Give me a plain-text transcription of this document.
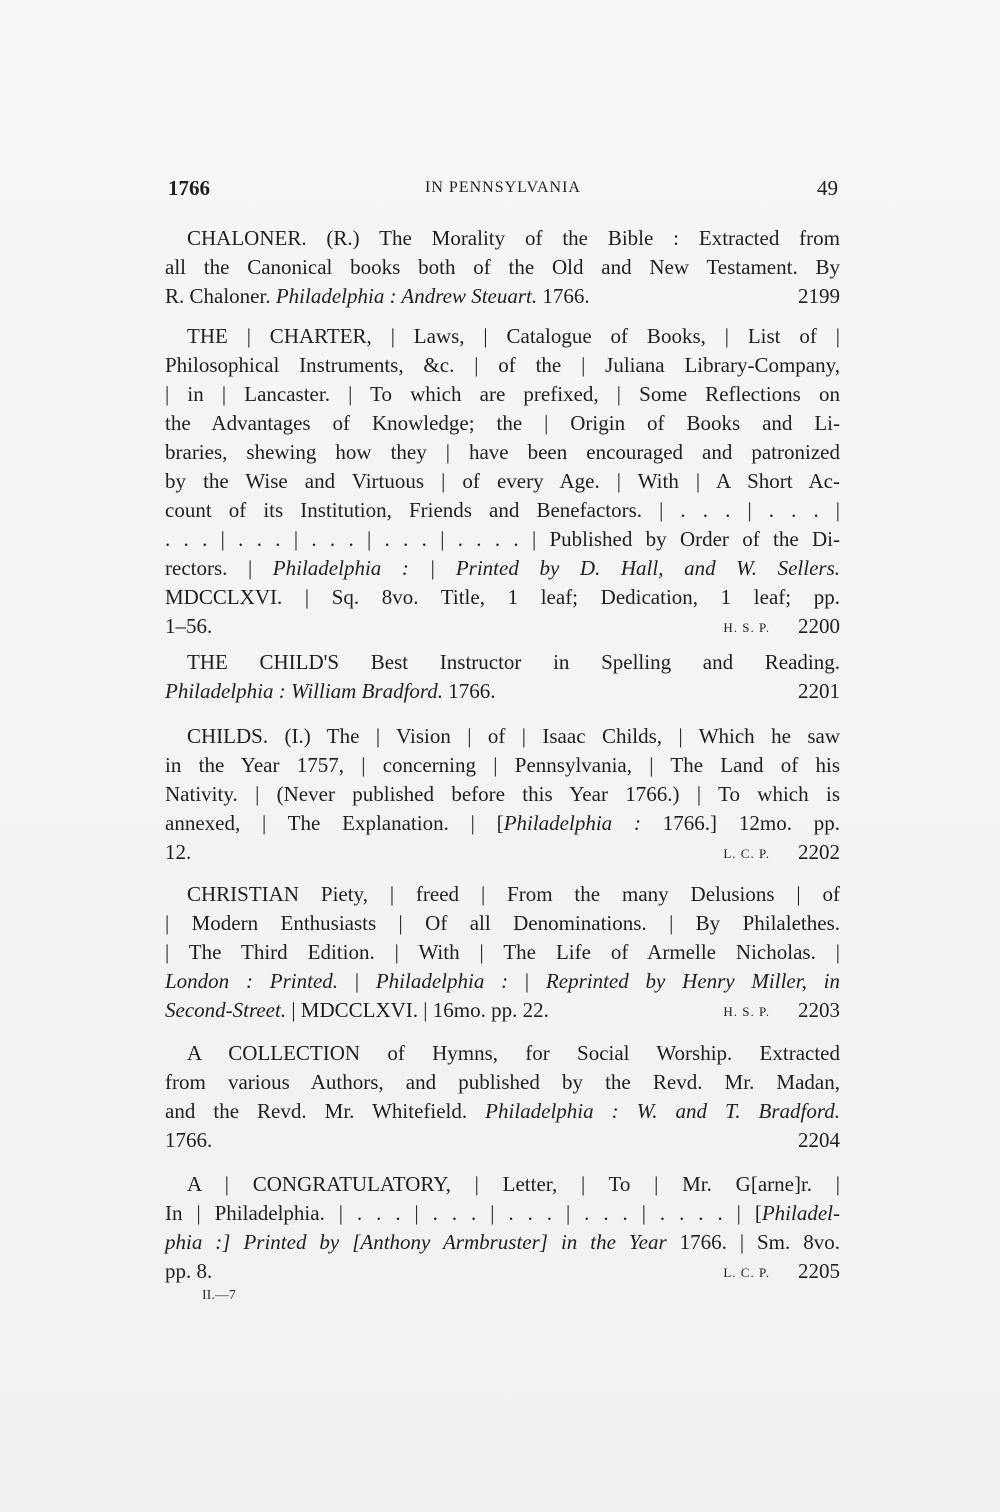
1766	IN PENNSYLVANIA	49
CHALONER. (R.) The Morality of the Bible : Extracted from
all the Canonical books both of the Old and New Testament. By
R. Chaloner. Philadelphia : Andrew Steuart. 1766.	2199
THE | CHARTER, | Laws, | Catalogue of Books, | List of |
Philosophical Instruments, &c. | of the | Juliana Library-Company,
| in | Lancaster. | To which are prefixed, | Some Reflections on
the Advantages of Knowledge; the | Origin of Books and Li-
braries, shewing how they | have been encouraged and patronized
by the Wise and Virtuous | of every Age. | With | A Short Ac-
count of its Institution, Friends and Benefactors. | . . . | . . . |
. . . | . . . | . . . | . . . | . . . . | Published by Order of the Di-
rectors. | Philadelphia : | Printed by D. Hall, and W. Sellers.
MDCCLXVI. | Sq. 8vo. Title, 1 leaf; Dedication, 1 leaf; pp.
1–56.	H. S. P. 2200
THE CHILD'S Best Instructor in Spelling and Reading.
Philadelphia : William Bradford. 1766.	2201
CHILDS. (I.) The | Vision | of | Isaac Childs, | Which he saw
in the Year 1757, | concerning | Pennsylvania, | The Land of his
Nativity. | (Never published before this Year 1766.) | To which is
annexed, | The Explanation. | [Philadelphia : 1766.] 12mo. pp.
12.	L. C. P. 2202
CHRISTIAN Piety, | freed | From the many Delusions | of
| Modern Enthusiasts | Of all Denominations. | By Philalethes.
| The Third Edition. | With | The Life of Armelle Nicholas. |
London : Printed. | Philadelphia : | Reprinted by Henry Miller, in
Second-Street. | MDCCLXVI. | 16mo. pp. 22.	H. S. P. 2203
A COLLECTION of Hymns, for Social Worship. Extracted
from various Authors, and published by the Revd. Mr. Madan,
and the Revd. Mr. Whitefield. Philadelphia : W. and T. Bradford.
1766.	2204
A | CONGRATULATORY, | Letter, | To | Mr. G[arne]r. |
In | Philadelphia. | . . . | . . . | . . . | . . . | . . . . | [Philadel-
phia :] Printed by [Anthony Armbruster] in the Year 1766. | Sm. 8vo.
pp. 8.	L. C. P. 2205
II.—7
